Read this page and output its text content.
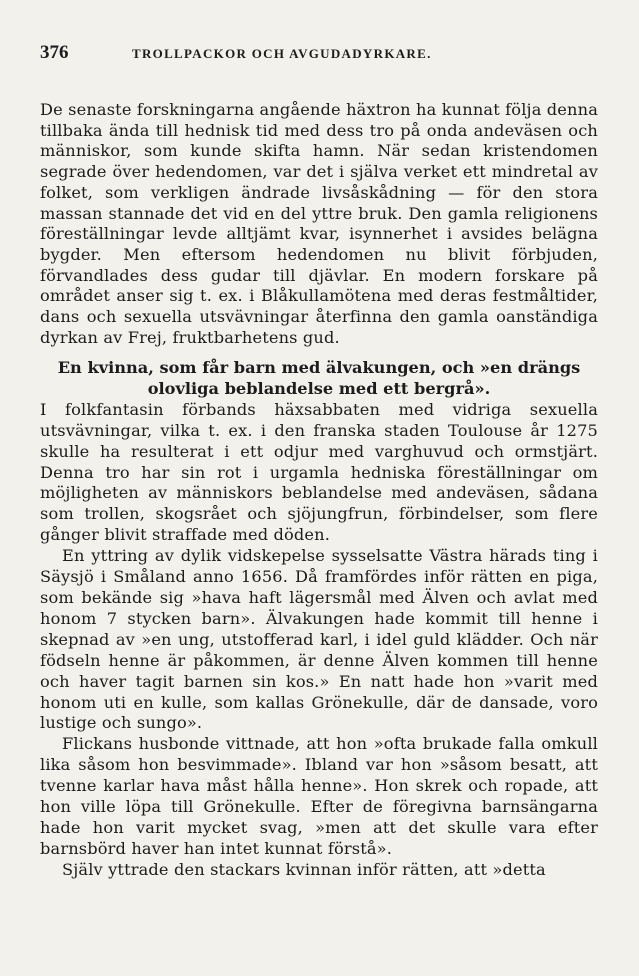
376	TROLLPACKOR OCH AVGUDADYRKARE.

De senaste forskningarna angående häxtron ha kunnat följa denna tillbaka ända till hednisk tid med dess tro på onda andeväsen och människor, som kunde skifta hamn. När sedan kristendomen segrade över hedendomen, var det i själva verket ett mindretal av folket, som verkligen ändrade livsåskådning — för den stora massan stannade det vid en del yttre bruk. Den gamla religionens föreställningar levde alltjämt kvar, isynnerhet i avsides belägna bygder. Men eftersom hedendomen nu blivit förbjuden, förvandlades dess gudar till djävlar. En modern forskare på området anser sig t. ex. i Blåkullamötena med deras festmåltider, dans och sexuella utsvävningar återfinna den gamla oanständiga dyrkan av Frej, fruktbarhetens gud.

En kvinna, som får barn med älvakungen, och »en drängs olovliga beblandelse med ett bergrå».

I folkfantasin förbands häxsabbaten med vidriga sexuella utsvävningar, vilka t. ex. i den franska staden Toulouse år 1275 skulle ha resulterat i ett odjur med varghuvud och ormstjärt. Denna tro har sin rot i urgamla hedniska föreställningar om möjligheten av människors beblandelse med andeväsen, sådana som trollen, skogsrået och sjöjungfrun, förbindelser, som flere gånger blivit straffade med döden.

En yttring av dylik vidskepelse sysselsatte Västra härads ting i Säysjö i Småland anno 1656. Då framfördes inför rätten en piga, som bekände sig »hava haft lägersmål med Älven och avlat med honom 7 stycken barn». Älvakungen hade kommit till henne i skepnad av »en ung, utstofferad karl, i idel guld klädder. Och när födseln henne är påkommen, är denne Älven kommen till henne och haver tagit barnen sin kos.» En natt hade hon »varit med honom uti en kulle, som kallas Grönekulle, där de dansade, voro lustige och sungo».

Flickans husbonde vittnade, att hon »ofta brukade falla omkull lika såsom hon besvimmade». Ibland var hon »såsom besatt, att tvenne karlar hava måst hålla henne». Hon skrek och ropade, att hon ville löpa till Grönekulle. Efter de föregivna barnsängarna hade hon varit mycket svag, »men att det skulle vara efter barnsbörd haver han intet kunnat förstå».

Själv yttrade den stackars kvinnan inför rätten, att »detta
